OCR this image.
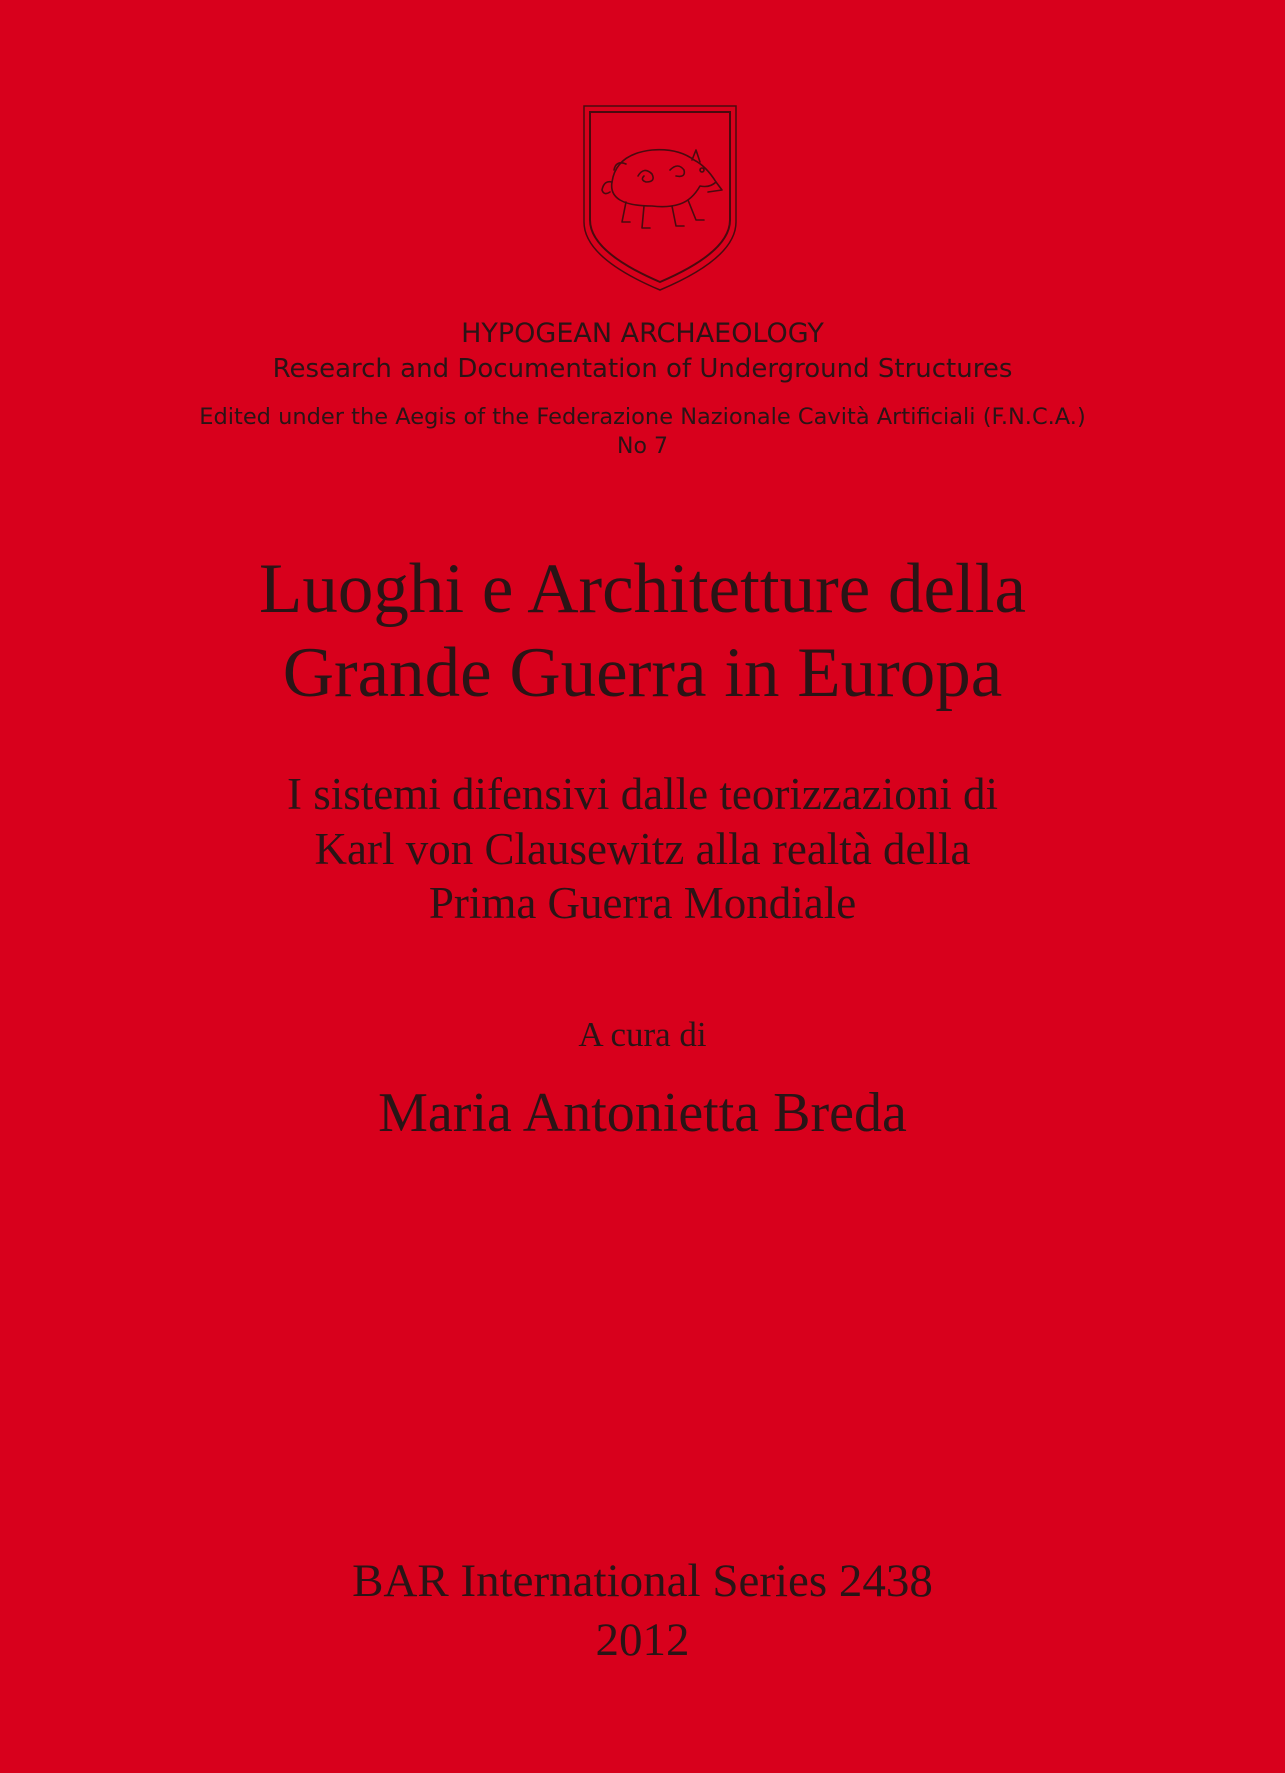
HYPOGEAN ARCHAEOLOGY
Research and Documentation of Underground Structures
Edited under the Aegis of the Federazione Nazionale Cavità Artificiali (F.N.C.A.)
No 7
Luoghi e Architetture della
Grande Guerra in Europa
I sistemi difensivi dalle teorizzazioni di
Karl von Clausewitz alla realtà della
Prima Guerra Mondiale
A cura di
Maria Antonietta Breda
BAR International Series 2438
2012
